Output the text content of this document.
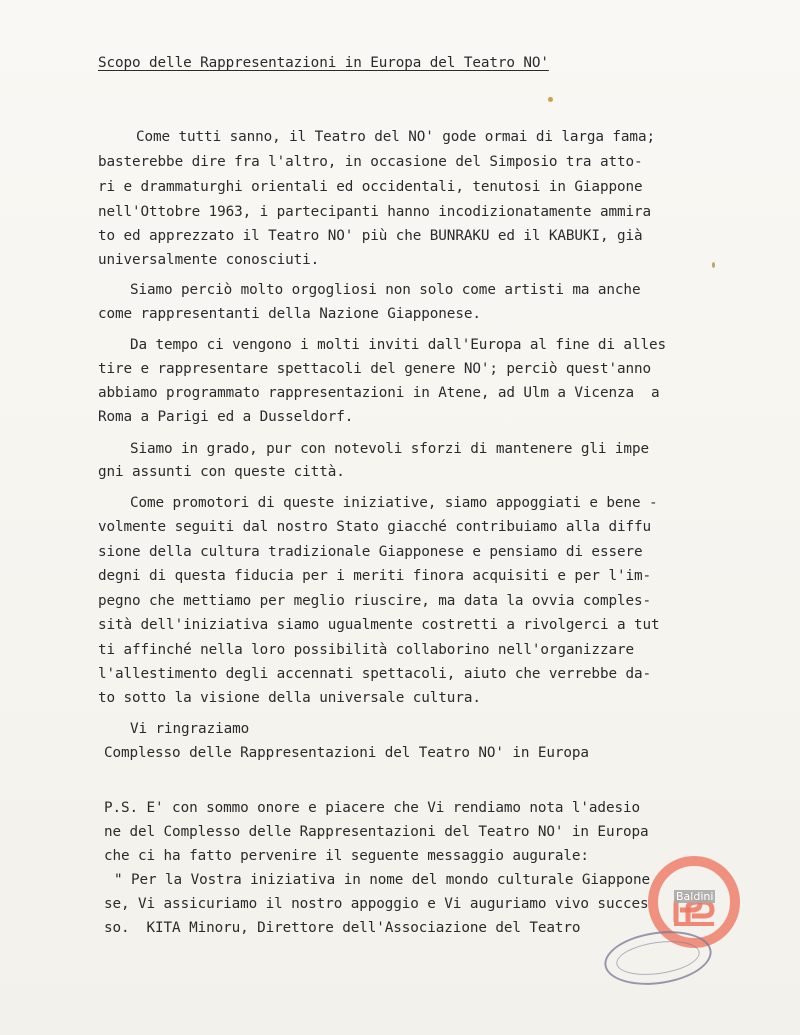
Scopo delle Rappresentazioni in Europa del Teatro NO'
Come tutti sanno, il Teatro del NO' gode ormai di larga fama;
basterebbe dire fra l'altro, in occasione del Simposio tra atto-
ri e drammaturghi orientali ed occidentali, tenutosi in Giappone
nell'Ottobre 1963, i partecipanti hanno incodizionatamente ammira
to ed apprezzato il Teatro NO' più che BUNRAKU ed il KABUKI, già
universalmente conosciuti.
Siamo perciò molto orgogliosi non solo come artisti ma anche
come rappresentanti della Nazione Giapponese.
Da tempo ci vengono i molti inviti dall'Europa al fine di alles
tire e rappresentare spettacoli del genere NO'; perciò quest'anno
abbiamo programmato rappresentazioni in Atene, ad Ulm a Vicenza  a
Roma a Parigi ed a Dusseldorf.
Siamo in grado, pur con notevoli sforzi di mantenere gli impe
gni assunti con queste città.
Come promotori di queste iniziative, siamo appoggiati e bene -
volmente seguiti dal nostro Stato giacché contribuiamo alla diffu
sione della cultura tradizionale Giapponese e pensiamo di essere
degni di questa fiducia per i meriti finora acquisiti e per l'im-
pegno che mettiamo per meglio riuscire, ma data la ovvia comples-
sità dell'iniziativa siamo ugualmente costretti a rivolgerci a tut
ti affinché nella loro possibilità collaborino nell'organizzare
l'allestimento degli accennati spettacoli, aiuto che verrebbe da-
to sotto la visione della universale cultura.
Vi ringraziamo
Complesso delle Rappresentazioni del Teatro NO' in Europa
P.S. E' con sommo onore e piacere che Vi rendiamo nota l'adesio
ne del Complesso delle Rappresentazioni del Teatro NO' in Europa
che ci ha fatto pervenire il seguente messaggio augurale:
" Per la Vostra iniziativa in nome del mondo culturale Giappone
se, Vi assicuriamo il nostro appoggio e Vi auguriamo vivo succes
so.  KITA Minoru, Direttore dell'Associazione del Teatro
Baldini
